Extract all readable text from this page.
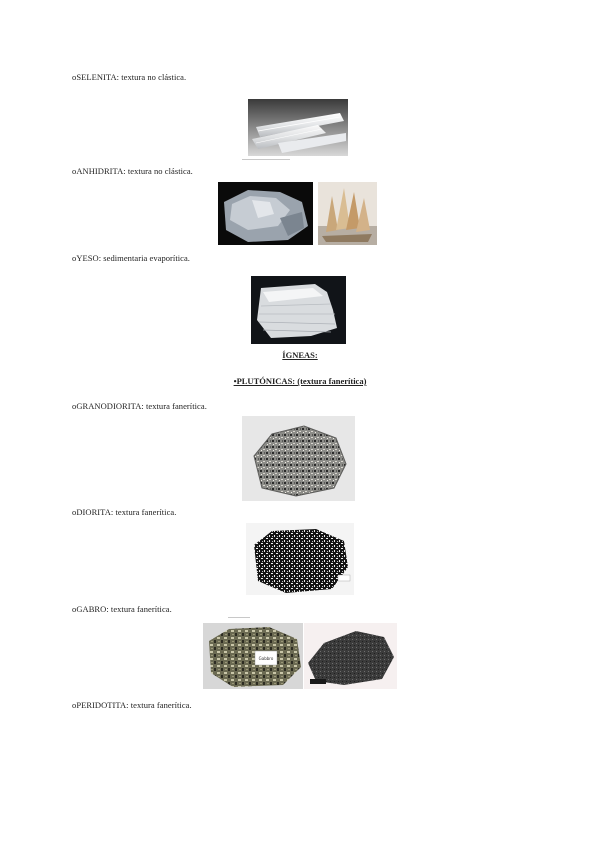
oSELENITA: textura no clástica.
oANHIDRITA: textura no clástica.
oYESO: sedimentaria evaporítica.
ÍGNEAS:
•PLUTÓNICAS: (textura fanerítica)
oGRANODIORITA: textura fanerítica.
oDIORITA: textura fanerítica.
oGABRO: textura fanerítica.
Gabbro
oPERIDOTITA: textura fanerítica.
